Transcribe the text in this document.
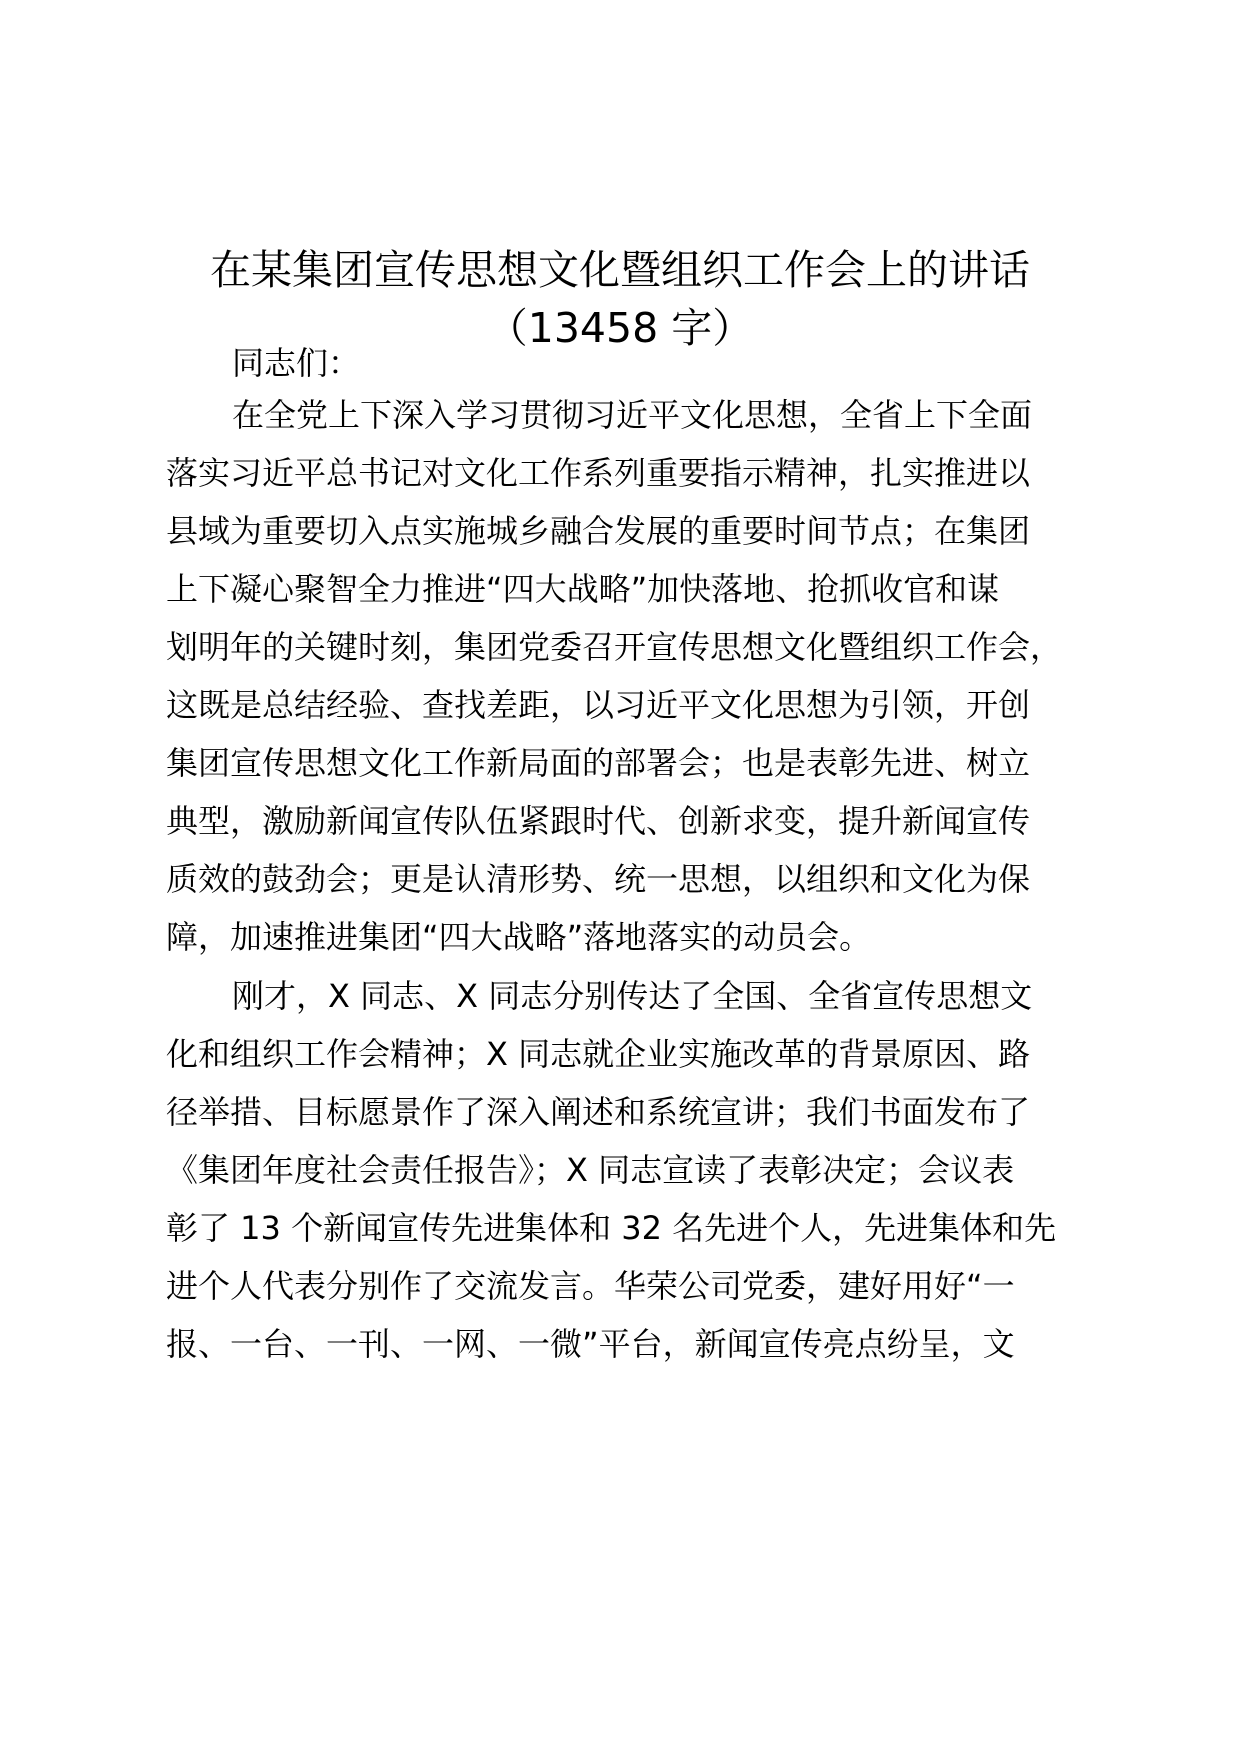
在某集团宣传思想文化暨组织工作会上的讲话
（13458 字）

同志们：

在全党上下深入学习贯彻习近平文化思想，全省上下全面

落实习近平总书记对文化工作系列重要指示精神，扎实推进以

县域为重要切入点实施城乡融合发展的重要时间节点；在集团

上下凝心聚智全力推进“四大战略”加快落地、抢抓收官和谋

划明年的关键时刻，集团党委召开宣传思想文化暨组织工作会，

这既是总结经验、查找差距，以习近平文化思想为引领，开创

集团宣传思想文化工作新局面的部署会；也是表彰先进、树立

典型，激励新闻宣传队伍紧跟时代、创新求变，提升新闻宣传

质效的鼓劲会；更是认清形势、统一思想，以组织和文化为保

障，加速推进集团“四大战略”落地落实的动员会。

刚才，X 同志、X 同志分别传达了全国、全省宣传思想文

化和组织工作会精神；X 同志就企业实施改革的背景原因、路

径举措、目标愿景作了深入阐述和系统宣讲；我们书面发布了

《集团年度社会责任报告》；X 同志宣读了表彰决定；会议表

彰了 13 个新闻宣传先进集体和 32 名先进个人，先进集体和先

进个人代表分别作了交流发言。华荣公司党委，建好用好“一

报、一台、一刊、一网、一微”平台，新闻宣传亮点纷呈，文
